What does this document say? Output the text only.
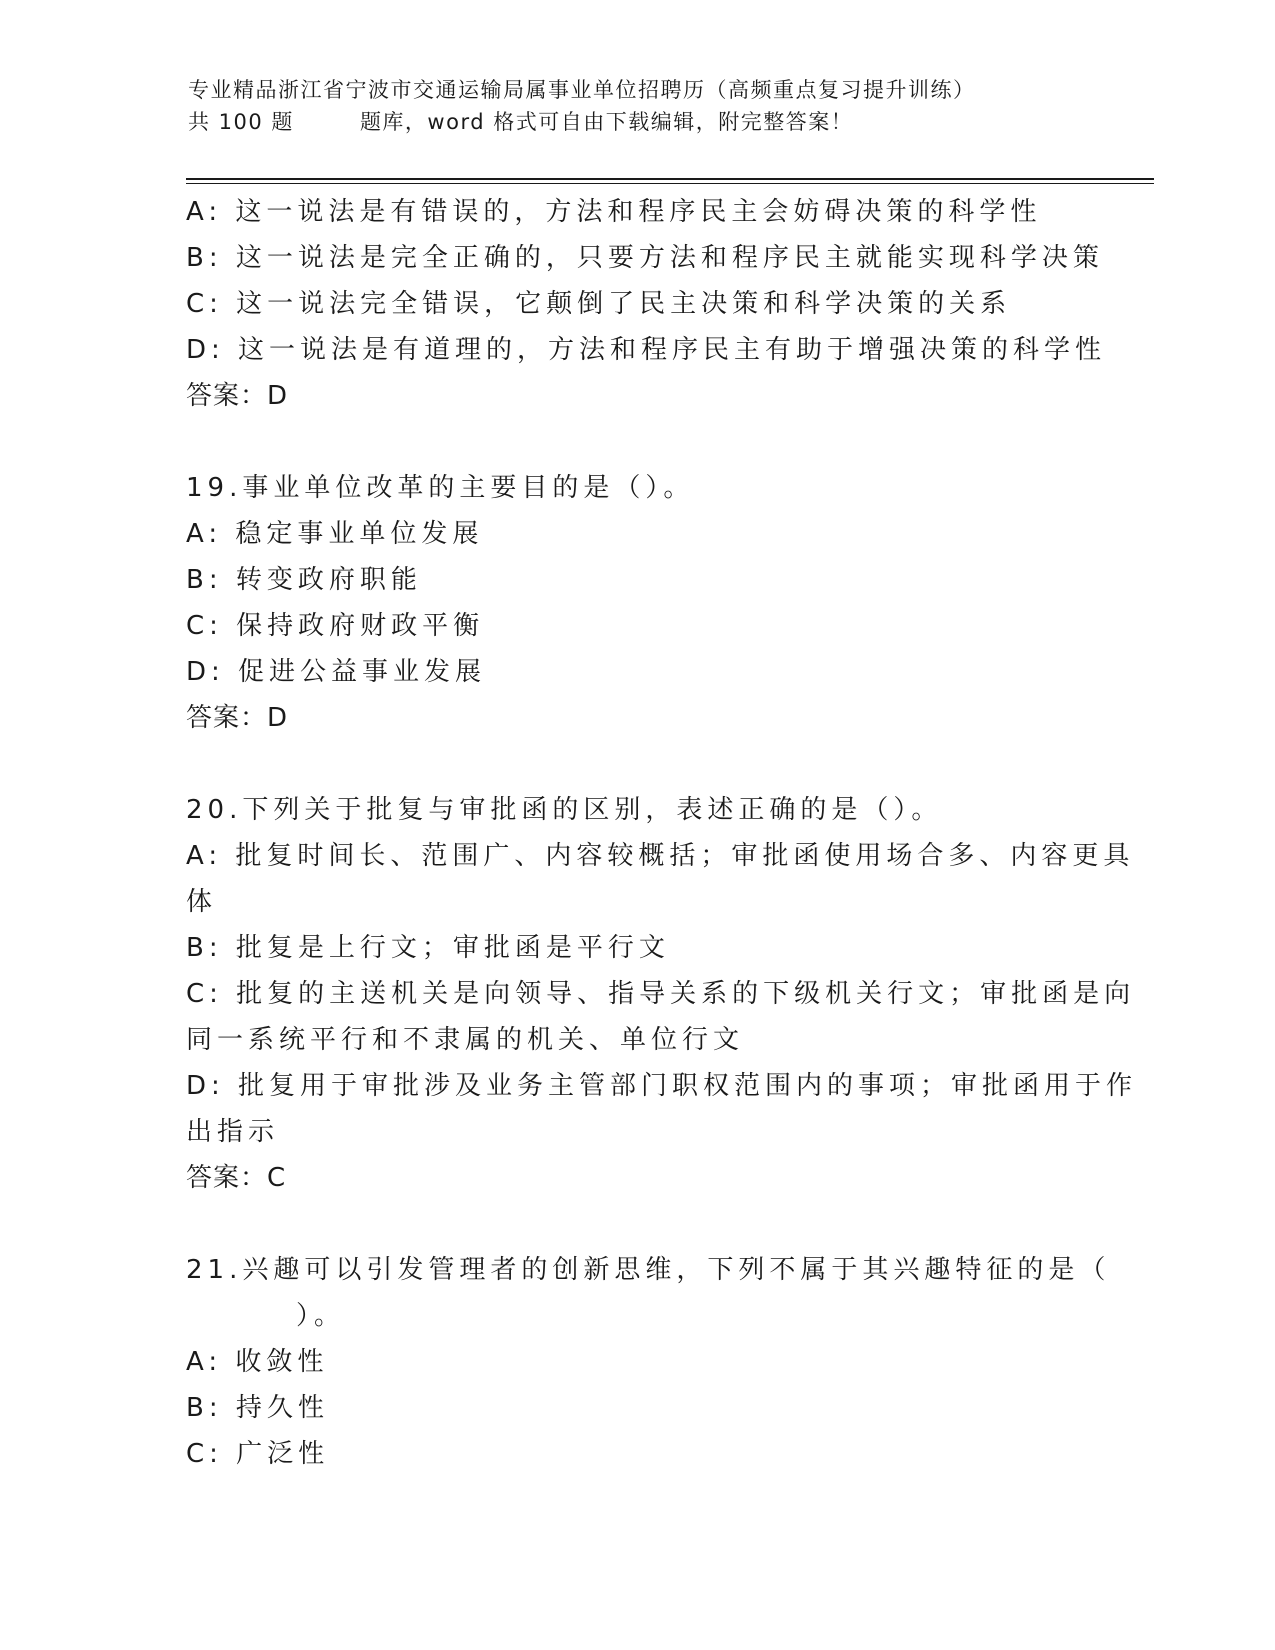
专业精品浙江省宁波市交通运输局属事业单位招聘历（高频重点复习提升训练）
共 100 题	题库，word 格式可自由下载编辑，附完整答案！
A: 这一说法是有错误的，方法和程序民主会妨碍决策的科学性
B: 这一说法是完全正确的，只要方法和程序民主就能实现科学决策
C: 这一说法完全错误，它颠倒了民主决策和科学决策的关系
D: 这一说法是有道理的，方法和程序民主有助于增强决策的科学性
答案：D
19.事业单位改革的主要目的是（）。
A: 稳定事业单位发展
B: 转变政府职能
C: 保持政府财政平衡
D: 促进公益事业发展
答案：D
20.下列关于批复与审批函的区别，表述正确的是（）。
A: 批复时间长、范围广、内容较概括；审批函使用场合多、内容更具
体
B: 批复是上行文；审批函是平行文
C: 批复的主送机关是向领导、指导关系的下级机关行文；审批函是向
同一系统平行和不隶属的机关、单位行文
D: 批复用于审批涉及业务主管部门职权范围内的事项；审批函用于作
出指示
答案：C
21.兴趣可以引发管理者的创新思维，下列不属于其兴趣特征的是（
）。
A: 收敛性
B: 持久性
C: 广泛性
